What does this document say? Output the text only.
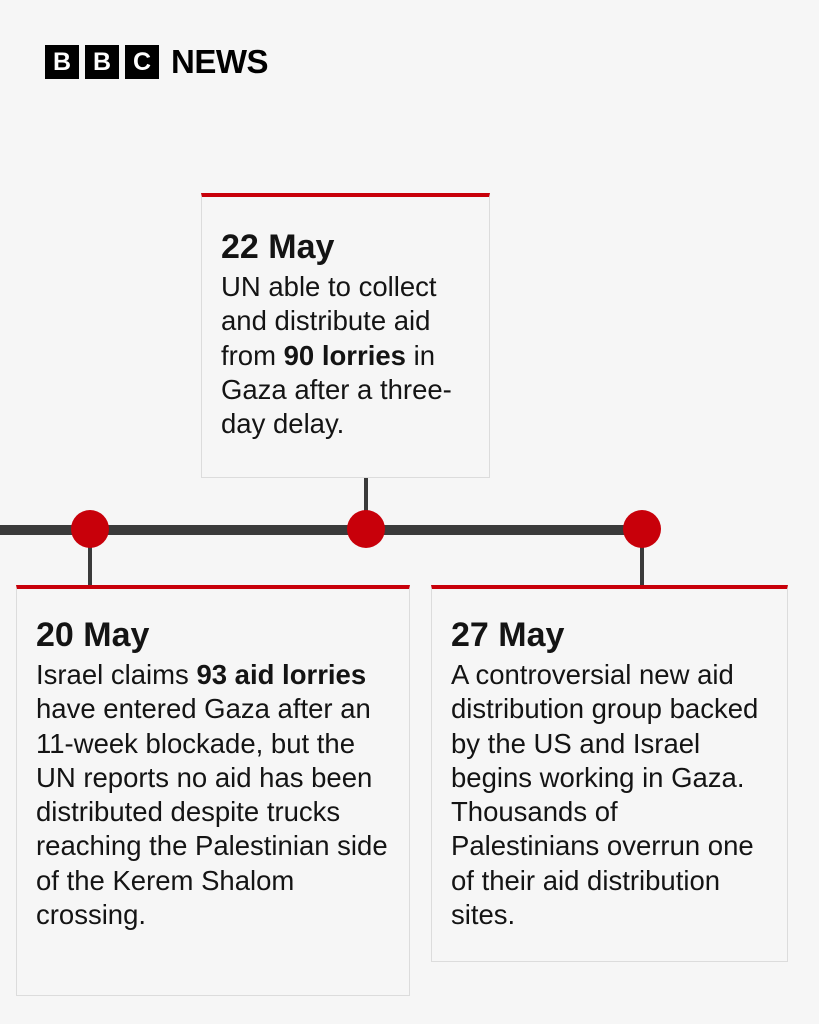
B B C NEWS
22 May
UN able to collect and distribute aid from 90 lorries in Gaza after a three-day delay.
20 May
Israel claims 93 aid lorries have entered Gaza after an 11-week blockade, but the UN reports no aid has been distributed despite trucks reaching the Palestinian side of the Kerem Shalom crossing.
27 May
A controversial new aid distribution group backed by the US and Israel begins working in Gaza. Thousands of Palestinians overrun one of their aid distribution sites.
